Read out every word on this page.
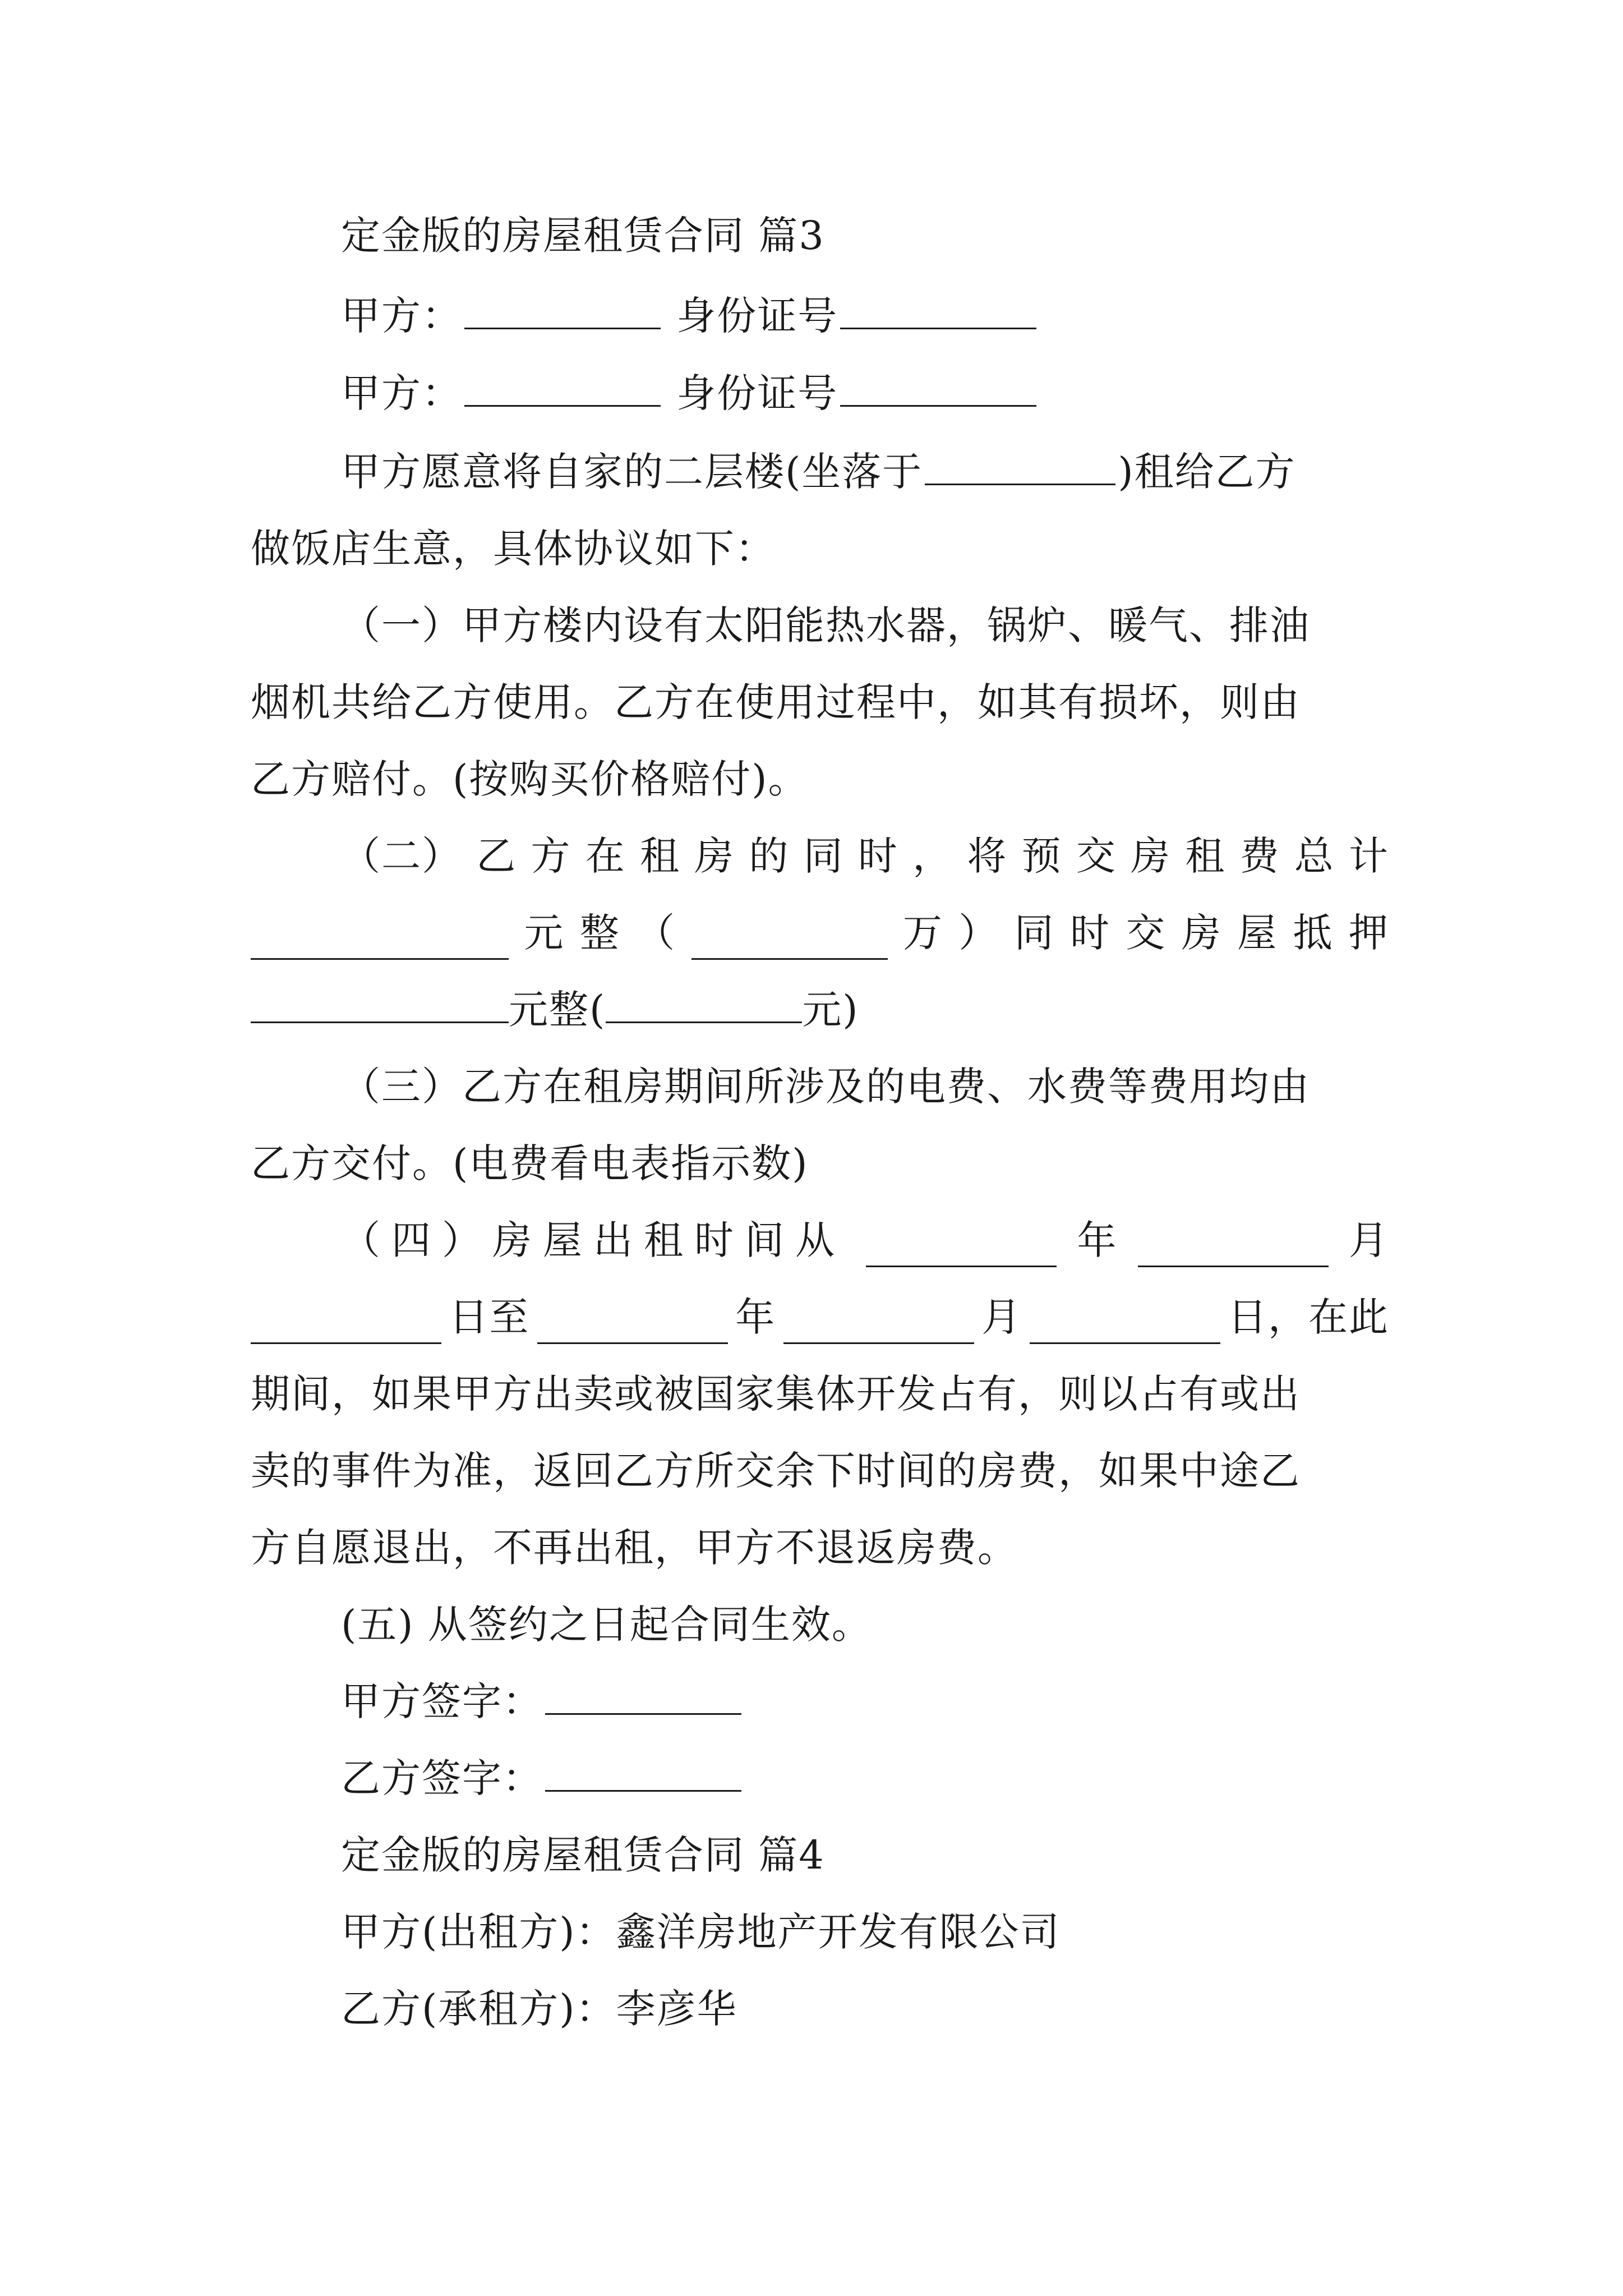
定金版的房屋租赁合同 篇3
甲方：	身份证号
甲方：	身份证号
甲方愿意将自家的二层楼(坐落于	)租给乙方
做饭店生意，具体协议如下：
（一）甲方楼内设有太阳能热水器，锅炉、暖气、排油
烟机共给乙方使用。乙方在使用过程中，如其有损坏，则由
乙方赔付。(按购买价格赔付)。
（二） 乙 方 在 租 房 的 同 时 ， 将 预 交 房 租 费 总 计
元 整 （	万 ） 同 时 交 房 屋 抵 押
元整(	元)
（三）乙方在租房期间所涉及的电费、水费等费用均由
乙方交付。(电费看电表指示数)
（四）房屋出租时间从	年	月
日至	年	月	日，在此
期间，如果甲方出卖或被国家集体开发占有，则以占有或出
卖的事件为准，返回乙方所交余下时间的房费，如果中途乙
方自愿退出，不再出租，甲方不退返房费。
(五) 从签约之日起合同生效。
甲方签字：
乙方签字：
定金版的房屋租赁合同 篇4
甲方(出租方)：鑫洋房地产开发有限公司
乙方(承租方)：李彦华
